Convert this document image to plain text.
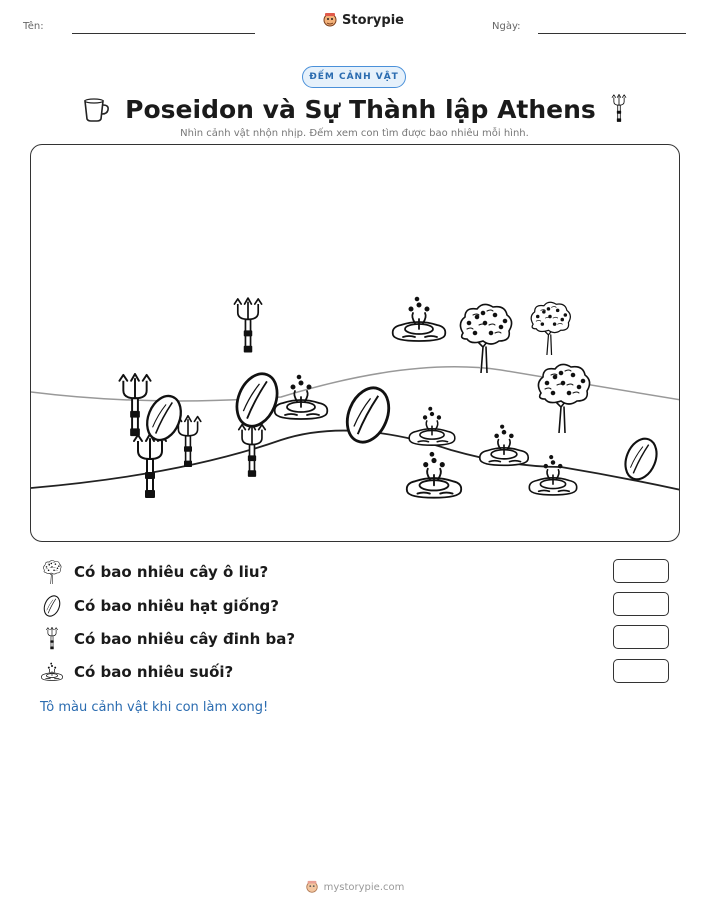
Tên:	Storypie	Ngày:
ĐẾM CẢNH VẬT
Poseidon và Sự Thành lập Athens
Nhìn cảnh vật nhộn nhịp. Đếm xem con tìm được bao nhiêu mỗi hình.
Có bao nhiêu cây ô liu?
Có bao nhiêu hạt giống?
Có bao nhiêu cây đinh ba?
Có bao nhiêu suối?
Tô màu cảnh vật khi con làm xong!
mystorypie.com
